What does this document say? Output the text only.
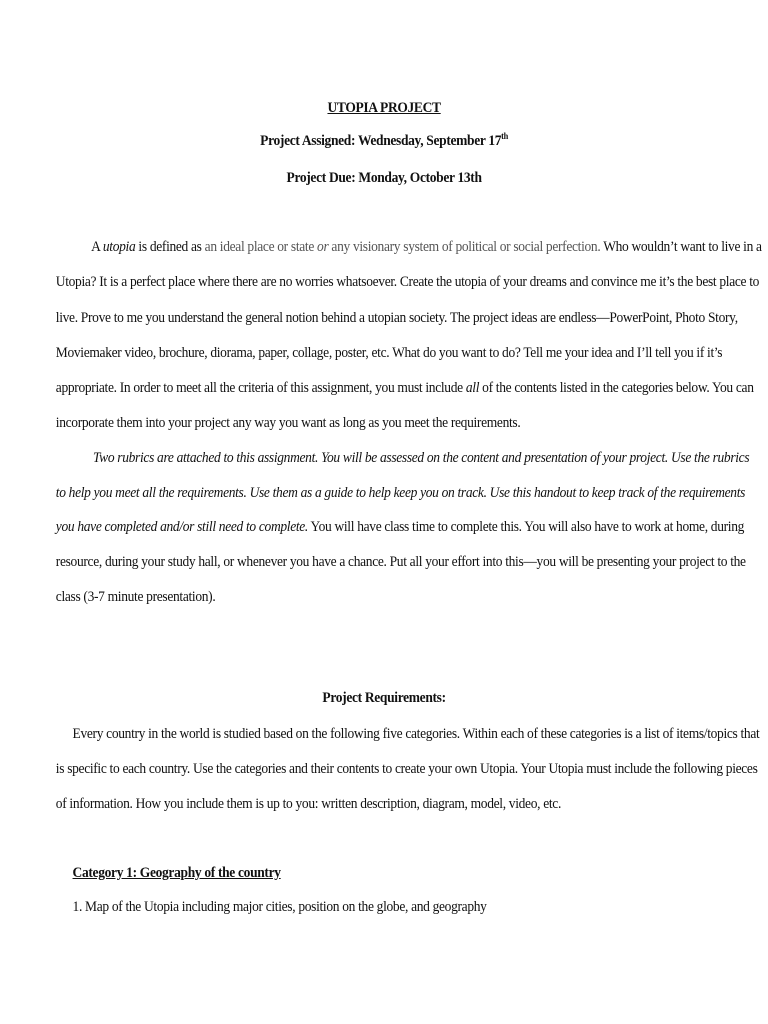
UTOPIA PROJECT
Project Assigned: Wednesday, September 17th
Project Due: Monday, October 13th
A utopia is defined as an ideal place or state or any visionary system of political or social perfection. Who wouldn’t want to live in a
Utopia? It is a perfect place where there are no worries whatsoever. Create the utopia of your dreams and convince me it’s the best place to
live. Prove to me you understand the general notion behind a utopian society. The project ideas are endless—PowerPoint, Photo Story,
Moviemaker video, brochure, diorama, paper, collage, poster, etc. What do you want to do? Tell me your idea and I’ll tell you if it’s
appropriate. In order to meet all the criteria of this assignment, you must include all of the contents listed in the categories below. You can
incorporate them into your project any way you want as long as you meet the requirements.
Two rubrics are attached to this assignment. You will be assessed on the content and presentation of your project. Use the rubrics
to help you meet all the requirements. Use them as a guide to help keep you on track. Use this handout to keep track of the requirements
you have completed and/or still need to complete. You will have class time to complete this. You will also have to work at home, during
resource, during your study hall, or whenever you have a chance. Put all your effort into this—you will be presenting your project to the
class (3-7 minute presentation).
Project Requirements:
Every country in the world is studied based on the following five categories. Within each of these categories is a list of items/topics that
is specific to each country. Use the categories and their contents to create your own Utopia. Your Utopia must include the following pieces
of information. How you include them is up to you: written description, diagram, model, video, etc.
Category 1: Geography of the country
1. Map of the Utopia including major cities, position on the globe, and geography
